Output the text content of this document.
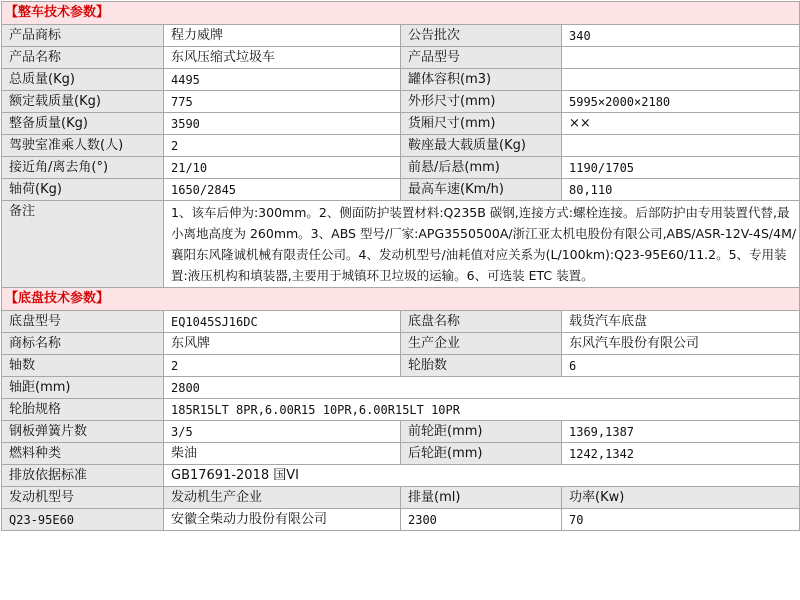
【整车技术参数】			
产品商标	程力威牌	公告批次	340
产品名称	东风压缩式垃圾车	产品型号	
总质量(Kg)	4495	罐体容积(m3)	
额定载质量(Kg)	775	外形尺寸(mm)	5995×2000×2180
整备质量(Kg)	3590	货厢尺寸(mm)	××
驾驶室准乘人数(人)	2	鞍座最大载质量(Kg)	
接近角/离去角(°)	21/10	前悬/后悬(mm)	1190/1705
轴荷(Kg)	1650/2845	最高车速(Km/h)	80,110
备注	1、该车后伸为:300mm。2、侧面防护装置材料:Q235B 碳钢,连接方式:螺栓连接。后部防护由专用装置代替,最小离地高度为 260mm。3、ABS 型号/厂家:APG3550500A/浙江亚太机电股份有限公司,ABS/ASR-12V-4S/4M/襄阳东风隆诚机械有限责任公司。4、发动机型号/油耗值对应关系为(L/100km):Q23-95E60/11.2。5、专用装置:液压机构和填装器,主要用于城镇环卫垃圾的运输。6、可选装 ETC 装置。		
【底盘技术参数】			
底盘型号	EQ1045SJ16DC	底盘名称	载货汽车底盘
商标名称	东风牌	生产企业	东风汽车股份有限公司
轴数	2	轮胎数	6
轴距(mm)	2800		
轮胎规格	185R15LT 8PR,6.00R15 10PR,6.00R15LT 10PR		
钢板弹簧片数	3/5	前轮距(mm)	1369,1387
燃料种类	柴油	后轮距(mm)	1242,1342
排放依据标准	GB17691-2018 国VI		
发动机型号	发动机生产企业	排量(ml)	功率(Kw)
Q23-95E60	安徽全柴动力股份有限公司	2300	70
